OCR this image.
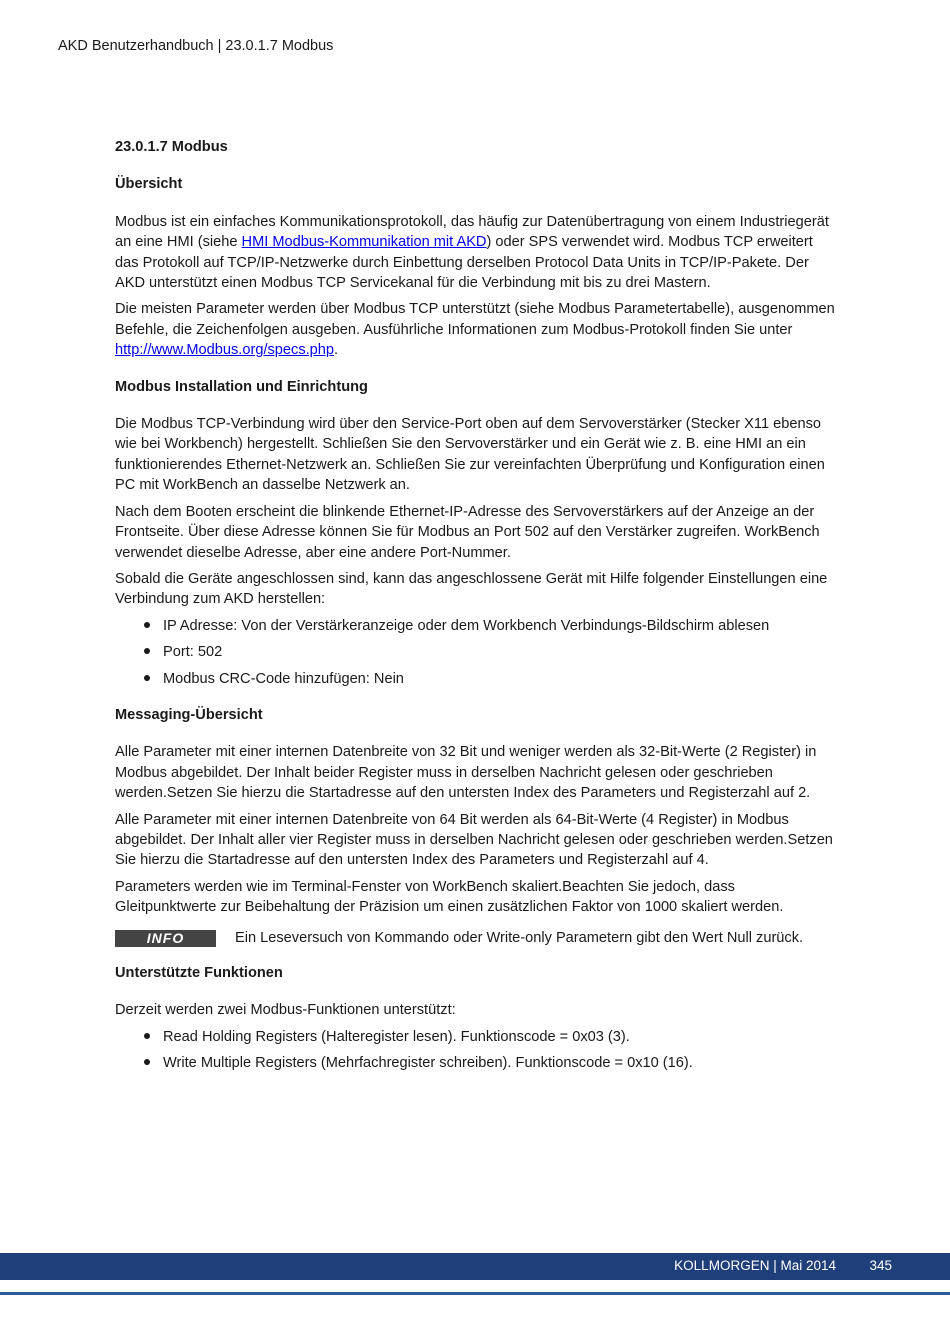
AKD Benutzerhandbuch | 23.0.1.7 Modbus
23.0.1.7 Modbus
Übersicht

Modbus ist ein einfaches Kommunikationsprotokoll, das häufig zur Datenübertragung von einem Industriegerät an eine HMI (siehe HMI Modbus-Kommunikation mit AKD) oder SPS verwendet wird. Modbus TCP erweitert das Protokoll auf TCP/IP-Netzwerke durch Einbettung derselben Protocol Data Units in TCP/IP-Pakete. Der AKD unterstützt einen Modbus TCP Servicekanal für die Verbindung mit bis zu drei Mastern.

Die meisten Parameter werden über Modbus TCP unterstützt (siehe Modbus Parametertabelle), ausgenommen Befehle, die Zeichenfolgen ausgeben. Ausführliche Informationen zum Modbus-Protokoll finden Sie unter http://www.Modbus.org/specs.php.

Modbus Installation und Einrichtung

Die Modbus TCP-Verbindung wird über den Service-Port oben auf dem Servoverstärker (Stecker X11 ebenso wie bei Workbench) hergestellt. Schließen Sie den Servoverstärker und ein Gerät wie z. B. eine HMI an ein funktionierendes Ethernet-Netzwerk an. Schließen Sie zur vereinfachten Überprüfung und Konfiguration einen PC mit WorkBench an dasselbe Netzwerk an.

Nach dem Booten erscheint die blinkende Ethernet-IP-Adresse des Servoverstärkers auf der Anzeige an der Frontseite. Über diese Adresse können Sie für Modbus an Port 502 auf den Verstärker zugreifen. WorkBench verwendet dieselbe Adresse, aber eine andere Port-Nummer.

Sobald die Geräte angeschlossen sind, kann das angeschlossene Gerät mit Hilfe folgender Einstellungen eine Verbindung zum AKD herstellen:

IP Adresse: Von der Verstärkeranzeige oder dem Workbench Verbindungs-Bildschirm ablesen
Port: 502
Modbus CRC-Code hinzufügen: Nein
Messaging-Übersicht

Alle Parameter mit einer internen Datenbreite von 32 Bit und weniger werden als 32-Bit-Werte (2 Register) in Modbus abgebildet. Der Inhalt beider Register muss in derselben Nachricht gelesen oder geschrieben werden.Setzen Sie hierzu die Startadresse auf den untersten Index des Parameters und Registerzahl auf 2.

Alle Parameter mit einer internen Datenbreite von 64 Bit werden als 64-Bit-Werte (4 Register) in Modbus abgebildet. Der Inhalt aller vier Register muss in derselben Nachricht gelesen oder geschrieben werden.Setzen Sie hierzu die Startadresse auf den untersten Index des Parameters und Registerzahl auf 4.

Parameters werden wie im Terminal-Fenster von WorkBench skaliert.Beachten Sie jedoch, dass Gleitpunktwerte zur Beibehaltung der Präzision um einen zusätzlichen Faktor von 1000 skaliert werden.

INFO	Ein Leseversuch von Kommando oder Write-only Parametern gibt den Wert Null zurück.
Unterstützte Funktionen

Derzeit werden zwei Modbus-Funktionen unterstützt:

Read Holding Registers (Halteregister lesen). Funktionscode = 0x03 (3).
Write Multiple Registers (Mehrfachregister schreiben). Funktionscode = 0x10 (16).
KOLLMORGEN | Mai 2014 345
